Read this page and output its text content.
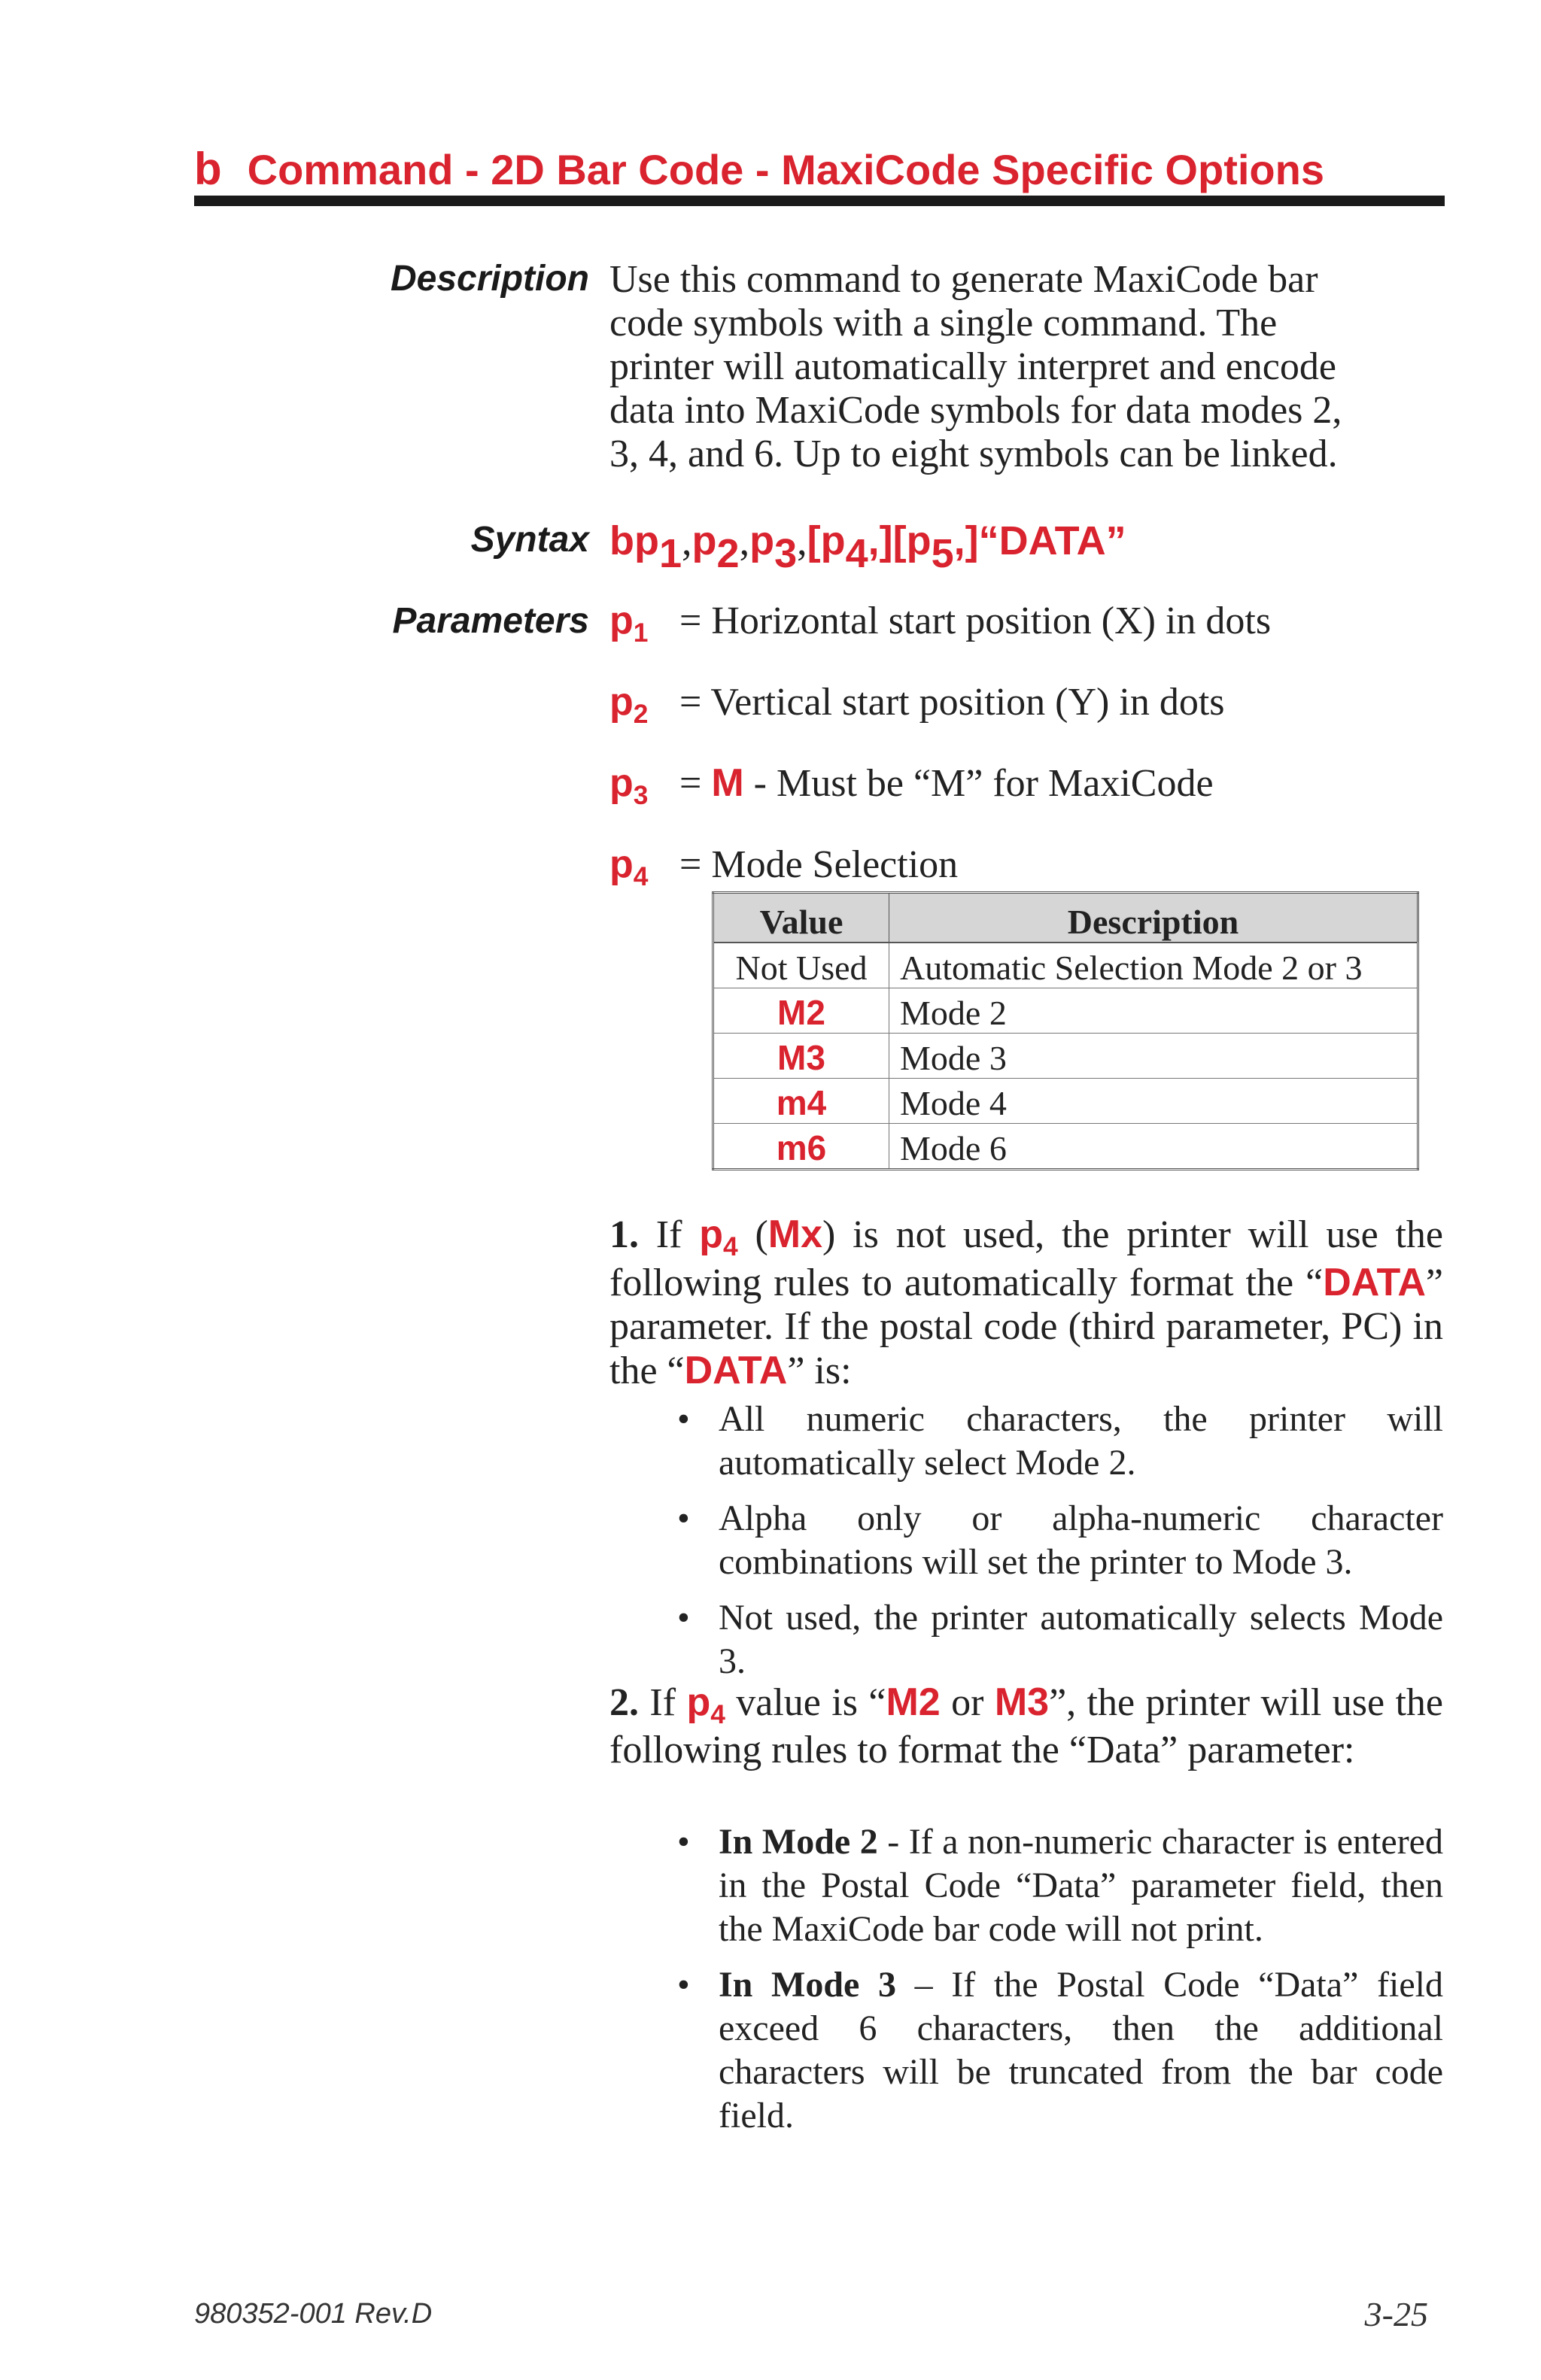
b Command - 2D Bar Code - MaxiCode Specific Options
Description Use this command to generate MaxiCode bar
code symbols with a single command. The
printer will automatically interpret and encode
data into MaxiCode symbols for data modes 2,
3, 4, and 6. Up to eight symbols can be linked.
Syntax bp1,p2,p3,[p4,][p5,]“DATA”
Parameters $p_1$ = Horizontal start position (X) in dots
$p_2$ = Vertical start position (Y) in dots
$p_3 = M$ - Must be “M” for MaxiCode
$p_4$ = Mode Selection
Value	Description
Not Used	Automatic Selection Mode 2 or 3
M2	Mode 2
M3	Mode 3
m4	Mode 4
m6	Mode 6
1. If $p_4$ (Mx) is not used, the printer will use the following rules to automatically format the “DATA” parameter. If the postal code (third parameter, PC) in the “DATA” is:
• All numeric characters, the printer will automatically select Mode 2.
• Alpha only or alpha-numeric character combinations will set the printer to Mode 3.
• Not used, the printer automatically selects Mode 3.
2. If $p_4$ value is “M2 or M3”, the printer will use the following rules to format the “Data” parameter:
• In Mode 2 - If a non-numeric character is entered in the Postal Code “Data” parameter field, then the MaxiCode bar code will not print.
• In Mode 3 – If the Postal Code “Data” field exceed 6 characters, then the additional characters will be truncated from the bar code field.
980352-001 Rev.D	3-25
